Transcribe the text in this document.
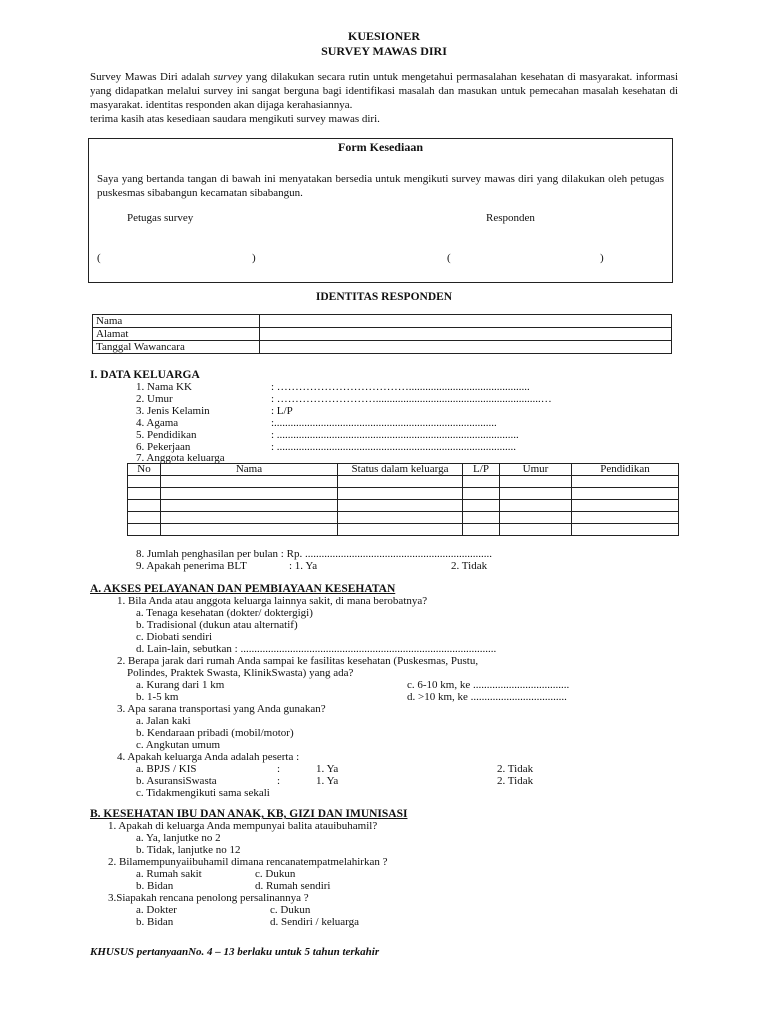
KUESIONER
SURVEY MAWAS DIRI

Survey Mawas Diri adalah survey yang dilakukan secara rutin untuk mengetahui permasalahan kesehatan di masyarakat. informasi yang didapatkan melalui survey ini sangat berguna bagi identifikasi masalah dan masukan untuk pemecahan masalah kesehatan di masyarakat. identitas responden akan dijaga kerahasiannya.

terima kasih atas kesediaan saudara mengikuti survey mawas diri.

Form Kesediaan
Saya yang bertanda tangan di bawah ini menyatakan bersedia untuk mengikuti survey mawas diri yang dilakukan oleh petugas puskesmas sibabangun kecamatan sibabangun.
Petugas survey	Responden
(	)	(	)
IDENTITAS RESPONDEN
Nama	
Alamat	
Tanggal Wawancara	
I. DATA KELUARGA
1. Nama KK	: ………………………………............................................
2. Umur	: ………………………............................................................…
3. Jenis Kelamin	: L/P
4. Agama	:.................................................................................
5. Pendidikan	: ........................................................................................
6. Pekerjaan	: .......................................................................................
7. Anggota keluarga
No	Nama	Status dalam keluarga	L/P	Umur	Pendidikan

8. Jumlah penghasilan per bulan : Rp. ....................................................................
9. Apakah penerima BLT	: 1. Ya	2. Tidak
A. AKSES PELAYANAN DAN PEMBIAYAAN KESEHATAN
1. Bila Anda atau anggota keluarga lainnya sakit, di mana berobatnya?
a. Tenaga kesehatan (dokter/ doktergigi)
b. Tradisional (dukun atau alternatif)
c. Diobati sendiri
d. Lain-lain, sebutkan : .............................................................................................
2. Berapa jarak dari rumah Anda sampai ke fasilitas kesehatan (Puskesmas, Pustu,
Polindes, Praktek Swasta, KlinikSwasta) yang ada?
a. Kurang dari 1 km	c. 6-10 km, ke ...................................
b. 1-5 km	d. >10 km, ke ...................................
3. Apa sarana transportasi yang Anda gunakan?
a. Jalan kaki
b. Kendaraan pribadi (mobil/motor)
c. Angkutan umum
4. Apakah keluarga Anda adalah peserta :
a. BPJS / KIS	:	1. Ya	2. Tidak
b. AsuransiSwasta	:	1. Ya	2. Tidak
c. Tidakmengikuti sama sekali
B. KESEHATAN IBU DAN ANAK, KB, GIZI DAN IMUNISASI
1. Apakah di keluarga Anda mempunyai balita atauibuhamil?
a. Ya, lanjutke no 2
b. Tidak, lanjutke no 12
2. Bilamempunyaiibuhamil dimana rencanatempatmelahirkan ?
a. Rumah sakit	c. Dukun
b. Bidan	d. Rumah sendiri
3.Siapakah rencana penolong persalinannya ?
a. Dokter	c. Dukun
b. Bidan	d. Sendiri / keluarga
KHUSUS pertanyaanNo. 4 – 13 berlaku untuk 5 tahun terkahir
